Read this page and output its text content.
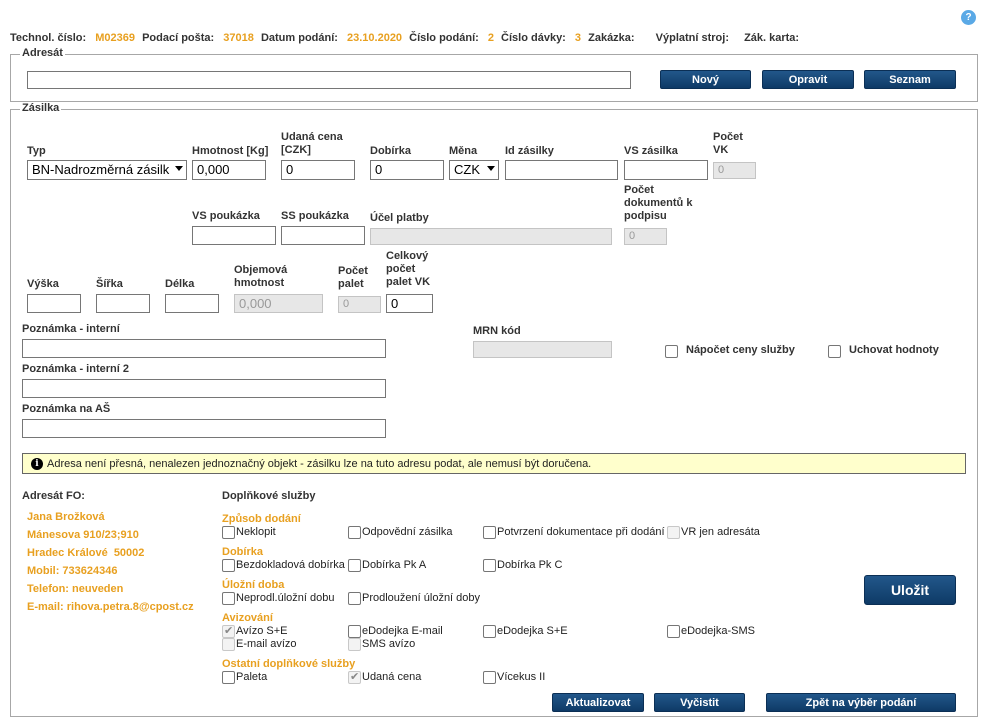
?
Technol. číslo: M02369 Podací pošta: 37018 Datum podání: 23.10.2020 Číslo podání: 2 Číslo dávky: 3 Zakázka: Výplatní stroj: Zák. karta:
Adresát
Nový	Opravit	Seznam
Zásilka
Typ
BN-Nadrozměrná zásilk
Hmotnost [Kg]
0,000
Udaná cena [CZK]
0
Dobírka
0
Měna
CZK
Id zásilky	VS zásilka
Počet VK
0
VS poukázka SS poukázka Účel platby
Počet dokumentů k podpisu
0
Výška	Šířka	Délka
Objemová hmotnost
0,000
Počet palet
0
Celkový počet palet VK
0
Poznámka - interní
Poznámka - interní 2
Poznámka na AŠ
MRN kód
Nápočet ceny služby	Uchovat hodnoty
i Adresa není přesná, nenalezen jednoznačný objekt - zásilku lze na tuto adresu podat, ale nemusí být doručena.
Adresát FO:
Jana Brožková
Mánesova 910/23;910
Hradec Králové  50002
Mobil: 733624346
Telefon: neuveden
E-mail: rihova.petra.8@cpost.cz
Doplňkové služby
Způsob dodání
Neklopit	Odpovědní zásilka	Potvrzení dokumentace při dodání VR jen adresáta
Dobírka
Bezdokladová dobírka Dobírka Pk A	Dobírka Pk C
Úložní doba
Neprodl.úložní dobu	Prodloužení úložní doby
Avizování
✔
Avízo S+E	eDodejka E-mail	eDodejka S+E	eDodejka-SMS
E-mail avízo	SMS avízo
Ostatní doplňkové služby
Paleta
✔	Udaná cena	Vícekus II
Uložit
Aktualizovat	Vyčistit	Zpět na výběr podání
